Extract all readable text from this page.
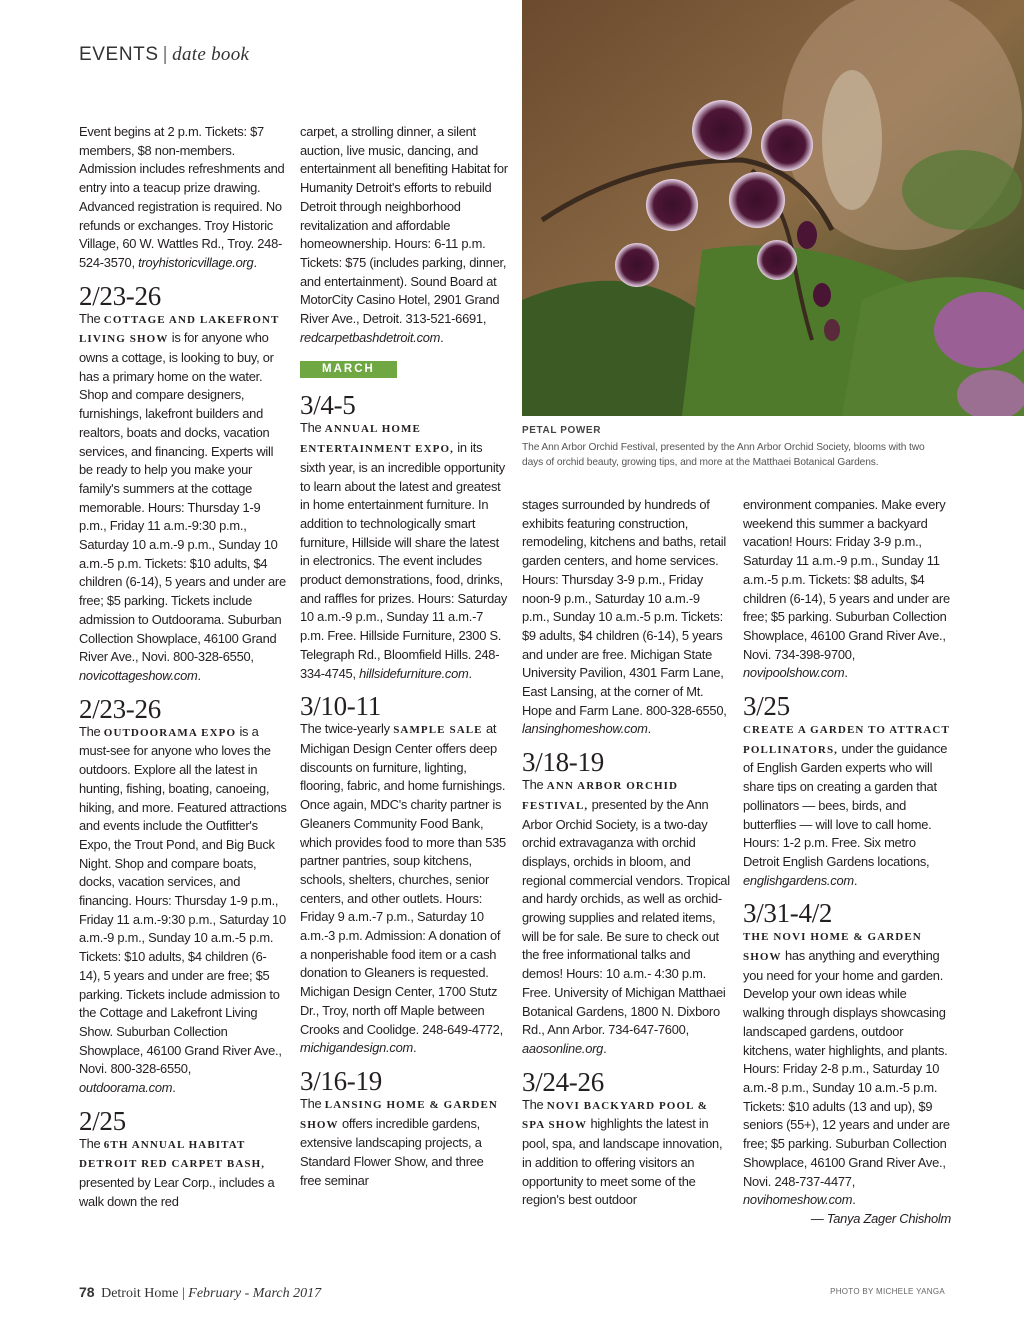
EVENTS | date book

Event begins at 2 p.m. Tickets: $7 members, $8 non-members. Admission includes refreshments and entry into a teacup prize drawing. Advanced registration is required. No refunds or exchanges. Troy Historic Village, 60 W. Wattles Rd., Troy. 248-524-3570, troyhistoricvillage.org.

2/23-26

The COTTAGE AND LAKEFRONT LIVING SHOW is for anyone who owns a cottage, is looking to buy, or has a primary home on the water. Shop and compare designers, furnishings, lakefront builders and realtors, boats and docks, vacation services, and financing. Experts will be ready to help you make your family's summers at the cottage memorable. Hours: Thursday 1-9 p.m., Friday 11 a.m.-9:30 p.m., Saturday 10 a.m.-9 p.m., Sunday 10 a.m.-5 p.m. Tickets: $10 adults, $4 children (6-14), 5 years and under are free; $5 parking. Tickets include admission to Outdoorama. Suburban Collection Showplace, 46100 Grand River Ave., Novi. 800-328-6550, novicottageshow.com.

2/23-26

The OUTDOORAMA EXPO is a must-see for anyone who loves the outdoors. Explore all the latest in hunting, fishing, boating, canoeing, hiking, and more. Featured attractions and events include the Outfitter's Expo, the Trout Pond, and Big Buck Night. Shop and compare boats, docks, vacation services, and financing. Hours: Thursday 1-9 p.m., Friday 11 a.m.-9:30 p.m., Saturday 10 a.m.-9 p.m., Sunday 10 a.m.-5 p.m. Tickets: $10 adults, $4 children (6-14), 5 years and under are free; $5 parking. Tickets include admission to the Cottage and Lakefront Living Show. Suburban Collection Showplace, 46100 Grand River Ave., Novi. 800-328-6550, outdoorama.com.

2/25

The 6TH ANNUAL HABITAT DETROIT RED CARPET BASH, presented by Lear Corp., includes a walk down the red

carpet, a strolling dinner, a silent auction, live music, dancing, and entertainment all benefiting Habitat for Humanity Detroit's efforts to rebuild Detroit through neighborhood revitalization and affordable homeownership. Hours: 6-11 p.m. Tickets: $75 (includes parking, dinner, and entertainment). Sound Board at MotorCity Casino Hotel, 2901 Grand River Ave., Detroit. 313-521-6691, redcarpetbashdetroit.com.

MARCH
3/4-5

The ANNUAL HOME ENTERTAINMENT EXPO, in its sixth year, is an incredible opportunity to learn about the latest and greatest in home entertainment furniture. In addition to technologically smart furniture, Hillside will share the latest in electronics. The event includes product demonstrations, food, drinks, and raffles for prizes. Hours: Saturday 10 a.m.-9 p.m., Sunday 11 a.m.-7 p.m. Free. Hillside Furniture, 2300 S. Telegraph Rd., Bloomfield Hills. 248-334-4745, hillsidefurniture.com.

3/10-11

The twice-yearly SAMPLE SALE at Michigan Design Center offers deep discounts on furniture, lighting, flooring, fabric, and home furnishings. Once again, MDC's charity partner is Gleaners Community Food Bank, which provides food to more than 535 partner pantries, soup kitchens, schools, shelters, churches, senior centers, and other outlets. Hours: Friday 9 a.m.-7 p.m., Saturday 10 a.m.-3 p.m. Admission: A donation of a nonperishable food item or a cash donation to Gleaners is requested. Michigan Design Center, 1700 Stutz Dr., Troy, north off Maple between Crooks and Coolidge. 248-649-4772, michigandesign.com.

3/16-19

The LANSING HOME & GARDEN SHOW offers incredible gardens, extensive landscaping projects, a Standard Flower Show, and three free seminar

PETAL POWER
The Ann Arbor Orchid Festival, presented by the Ann Arbor Orchid Society, blooms with two days of orchid beauty, growing tips, and more at the Matthaei Botanical Gardens.

stages surrounded by hundreds of exhibits featuring construction, remodeling, kitchens and baths, retail garden centers, and home services. Hours: Thursday 3-9 p.m., Friday noon-9 p.m., Saturday 10 a.m.-9 p.m., Sunday 10 a.m.-5 p.m. Tickets: $9 adults, $4 children (6-14), 5 years and under are free. Michigan State University Pavilion, 4301 Farm Lane, East Lansing, at the corner of Mt. Hope and Farm Lane. 800-328-6550, lansinghomeshow.com.

3/18-19

The ANN ARBOR ORCHID FESTIVAL, presented by the Ann Arbor Orchid Society, is a two-day orchid extravaganza with orchid displays, orchids in bloom, and regional commercial vendors. Tropical and hardy orchids, as well as orchid-growing supplies and related items, will be for sale. Be sure to check out the free informational talks and demos! Hours: 10 a.m.- 4:30 p.m. Free. University of Michigan Matthaei Botanical Gardens, 1800 N. Dixboro Rd., Ann Arbor. 734-647-7600, aaosonline.org.

3/24-26

The NOVI BACKYARD POOL & SPA SHOW highlights the latest in pool, spa, and landscape innovation, in addition to offering visitors an opportunity to meet some of the region's best outdoor

environment companies. Make every weekend this summer a backyard vacation! Hours: Friday 3-9 p.m., Saturday 11 a.m.-9 p.m., Sunday 11 a.m.-5 p.m. Tickets: $8 adults, $4 children (6-14), 5 years and under are free; $5 parking. Suburban Collection Showplace, 46100 Grand River Ave., Novi. 734-398-9700, novipoolshow.com.

3/25

CREATE A GARDEN TO ATTRACT POLLINATORS, under the guidance of English Garden experts who will share tips on creating a garden that pollinators — bees, birds, and butterflies — will love to call home. Hours: 1-2 p.m. Free. Six metro Detroit English Gardens locations, englishgardens.com.

3/31-4/2

THE NOVI HOME & GARDEN SHOW has anything and everything you need for your home and garden. Develop your own ideas while walking through displays showcasing landscaped gardens, outdoor kitchens, water highlights, and plants. Hours: Friday 2-8 p.m., Saturday 10 a.m.-8 p.m., Sunday 10 a.m.-5 p.m. Tickets: $10 adults (13 and up), $9 seniors (55+), 12 years and under are free; $5 parking. Suburban Collection Showplace, 46100 Grand River Ave., Novi. 248-737-4477, novihomeshow.com.

— Tanya Zager Chisholm

78 Detroit Home | February - March 2017	PHOTO BY MICHELE YANGA
